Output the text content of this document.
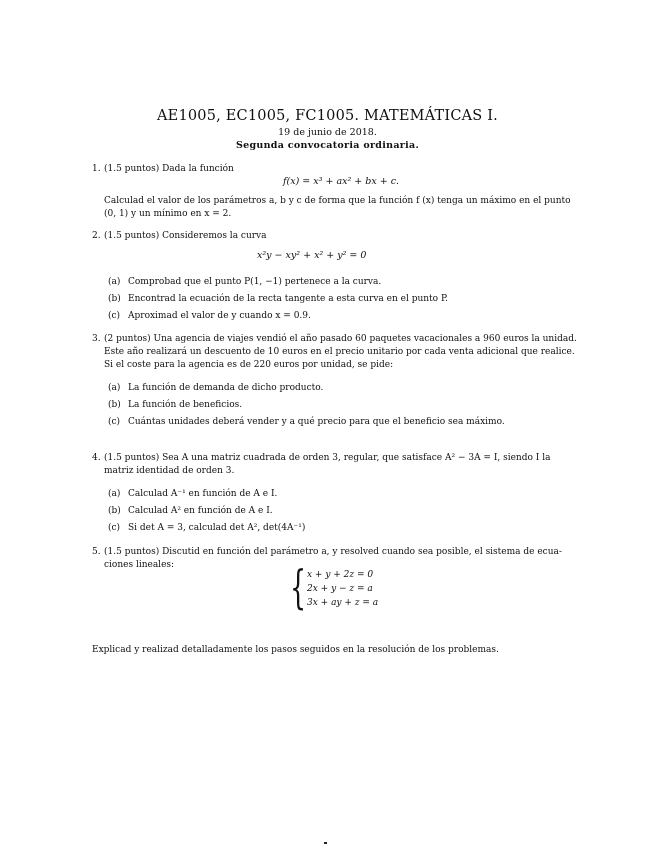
AE1005, EC1005, FC1005. MATEMÁTICAS I.
19 de junio de 2018.
Segunda convocatoria ordinaria.
1. (1.5 puntos) Dada la función
f(x) = x³ + ax² + bx + c.
Calculad el valor de los parámetros a, b y c de forma que la función f (x) tenga un máximo en el punto
(0, 1) y un mínimo en x = 2.
2. (1.5 puntos) Consideremos la curva
x²y − xy² + x² + y² = 0
(a) Comprobad que el punto P(1, −1) pertenece a la curva.
(b) Encontrad la ecuación de la recta tangente a esta curva en el punto P.
(c) Aproximad el valor de y cuando x = 0.9.
3. (2 puntos) Una agencia de viajes vendió el año pasado 60 paquetes vacacionales a 960 euros la unidad.
Este año realizará un descuento de 10 euros en el precio unitario por cada venta adicional que realice.
Si el coste para la agencia es de 220 euros por unidad, se pide:
(a) La función de demanda de dicho producto.
(b) La función de beneficios.
(c) Cuántas unidades deberá vender y a qué precio para que el beneficio sea máximo.
4. (1.5 puntos) Sea A una matriz cuadrada de orden 3, regular, que satisface A² − 3A = I, siendo I la
matriz identidad de orden 3.
(a) Calculad A⁻¹ en función de A e I.
(b) Calculad A² en función de A e I.
(c) Si det A = 3, calculad det A², det(4A⁻¹)
5. (1.5 puntos) Discutid en función del parámetro a, y resolved cuando sea posible, el sistema de ecua-
ciones lineales:	{ x + y + 2z = 0
2x + y − z = a
3x + ay + z = a
Explicad y realizad detalladamente los pasos seguidos en la resolución de los problemas.
